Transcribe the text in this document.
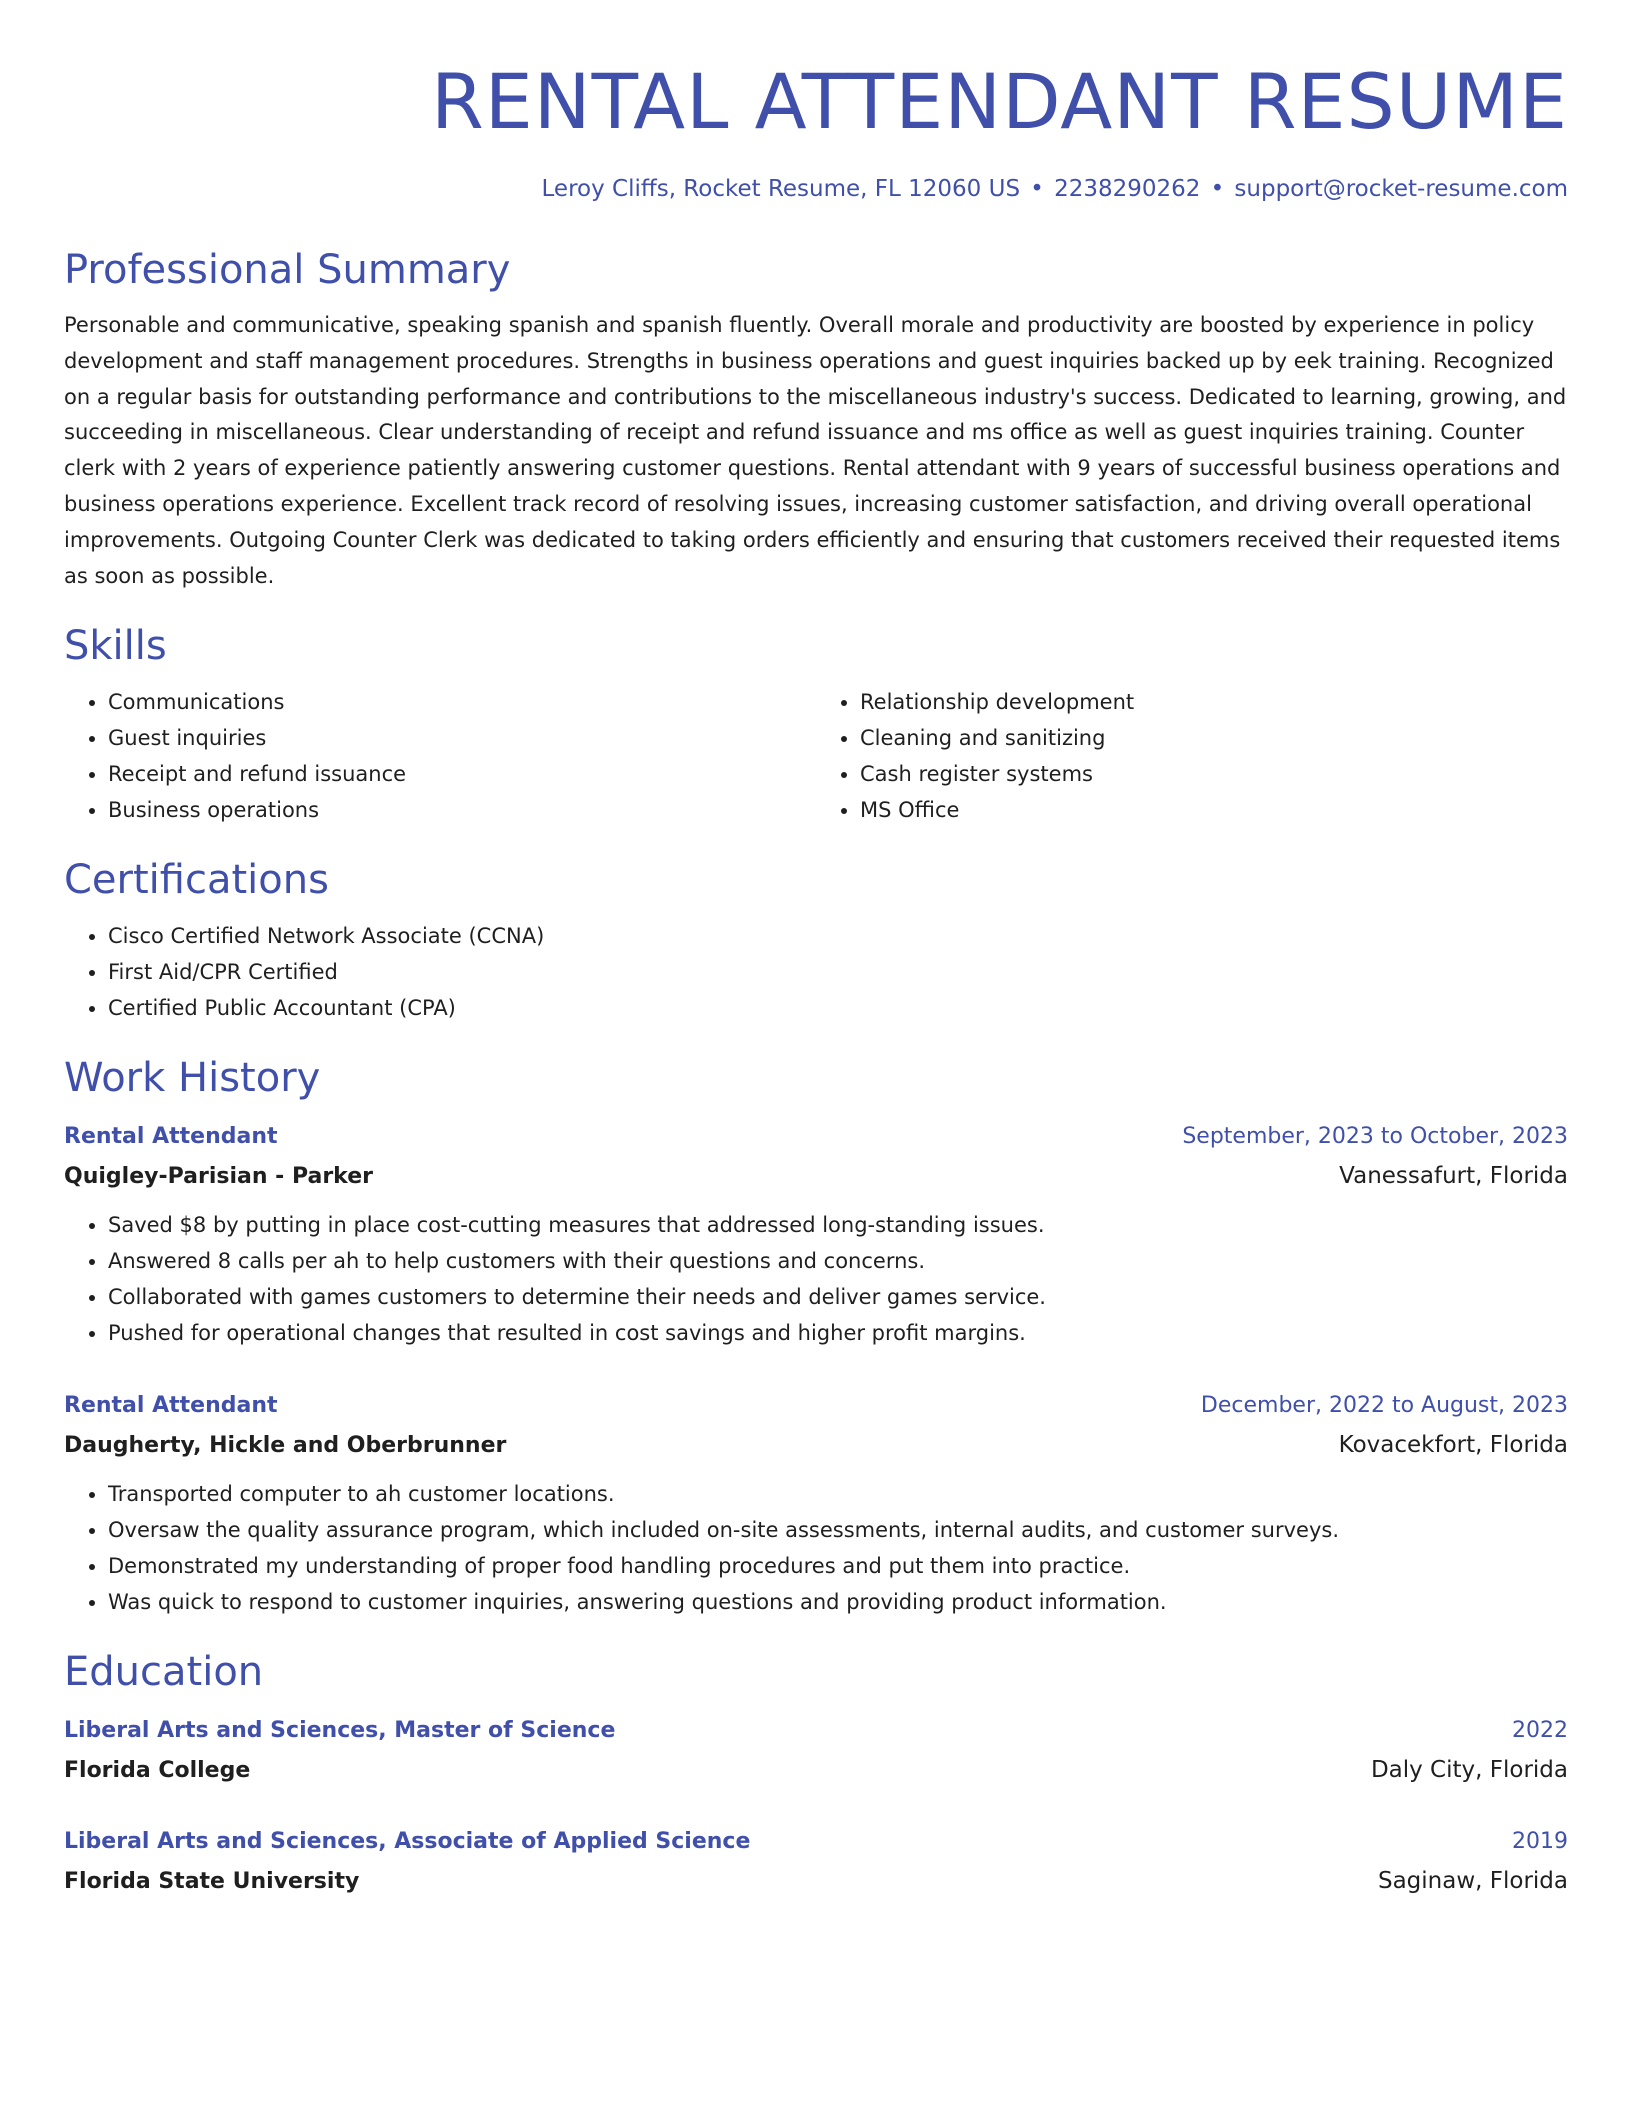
RENTAL ATTENDANT RESUME
Leroy Cliffs, Rocket Resume, FL 12060 US • 2238290262 • support@rocket-resume.com
Professional Summary
Personable and communicative, speaking spanish and spanish fluently. Overall morale and productivity are boosted by experience in policy development and staff management procedures. Strengths in business operations and guest inquiries backed up by eek training. Recognized on a regular basis for outstanding performance and contributions to the miscellaneous industry's success. Dedicated to learning, growing, and succeeding in miscellaneous. Clear understanding of receipt and refund issuance and ms office as well as guest inquiries training. Counter clerk with 2 years of experience patiently answering customer questions. Rental attendant with 9 years of successful business operations and business operations experience. Excellent track record of resolving issues, increasing customer satisfaction, and driving overall operational improvements. Outgoing Counter Clerk was dedicated to taking orders efficiently and ensuring that customers received their requested items as soon as possible.
Skills
• Communications
• Guest inquiries
• Receipt and refund issuance
• Business operations
• Relationship development
• Cleaning and sanitizing
• Cash register systems
• MS Office
Certifications
• Cisco Certified Network Associate (CCNA)
• First Aid/CPR Certified
• Certified Public Accountant (CPA)
Work History
Rental Attendant	September, 2023 to October, 2023
Quigley-Parisian - Parker	Vanessafurt, Florida
• Saved $8 by putting in place cost-cutting measures that addressed long-standing issues.
• Answered 8 calls per ah to help customers with their questions and concerns.
• Collaborated with games customers to determine their needs and deliver games service.
• Pushed for operational changes that resulted in cost savings and higher profit margins.
Rental Attendant	December, 2022 to August, 2023
Daugherty, Hickle and Oberbrunner	Kovacekfort, Florida
• Transported computer to ah customer locations.
• Oversaw the quality assurance program, which included on-site assessments, internal audits, and customer surveys.
• Demonstrated my understanding of proper food handling procedures and put them into practice.
• Was quick to respond to customer inquiries, answering questions and providing product information.
Education
Liberal Arts and Sciences, Master of Science	2022
Florida College	Daly City, Florida
Liberal Arts and Sciences, Associate of Applied Science	2019
Florida State University	Saginaw, Florida
